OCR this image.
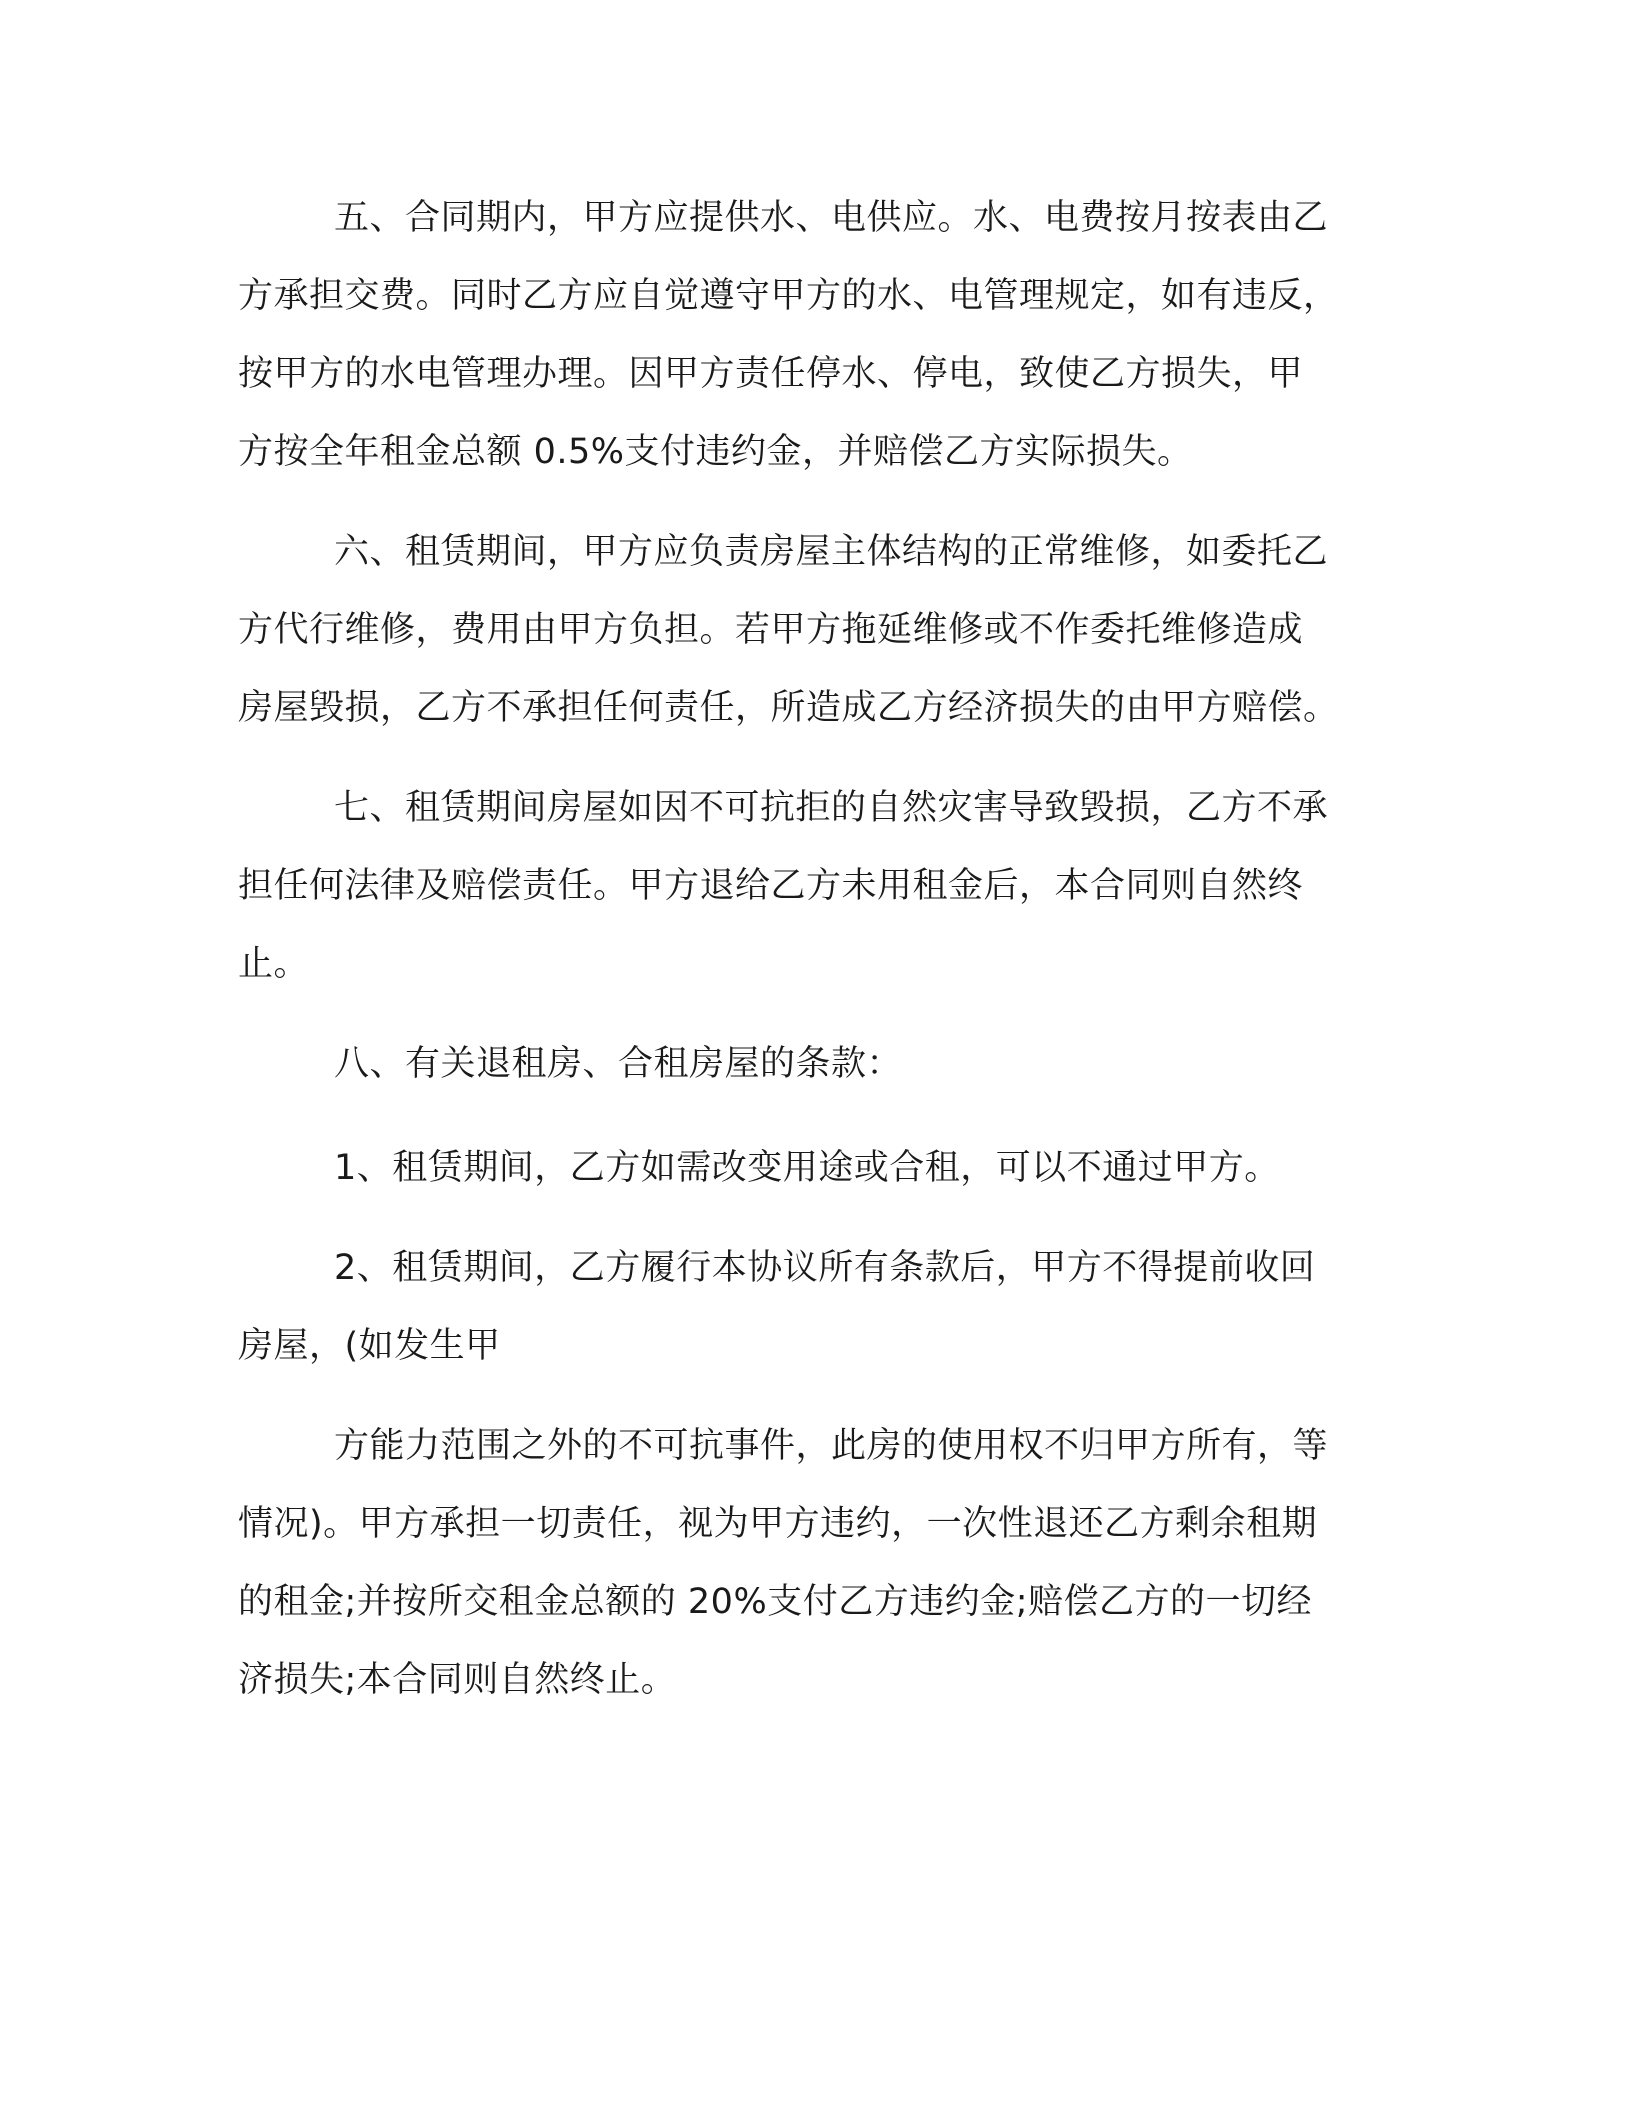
五、合同期内，甲方应提供水、电供应。水、电费按月按表由乙
方承担交费。同时乙方应自觉遵守甲方的水、电管理规定，如有违反，
按甲方的水电管理办理。因甲方责任停水、停电，致使乙方损失，甲
方按全年租金总额 0.5%支付违约金，并赔偿乙方实际损失。
六、租赁期间，甲方应负责房屋主体结构的正常维修，如委托乙
方代行维修，费用由甲方负担。若甲方拖延维修或不作委托维修造成
房屋毁损，乙方不承担任何责任，所造成乙方经济损失的由甲方赔偿。
七、租赁期间房屋如因不可抗拒的自然灾害导致毁损，乙方不承
担任何法律及赔偿责任。甲方退给乙方未用租金后，本合同则自然终
止。
八、有关退租房、合租房屋的条款：
1、租赁期间，乙方如需改变用途或合租，可以不通过甲方。
2、租赁期间，乙方履行本协议所有条款后，甲方不得提前收回
房屋，(如发生甲
方能力范围之外的不可抗事件，此房的使用权不归甲方所有，等
情况)。甲方承担一切责任，视为甲方违约，一次性退还乙方剩余租期
的租金;并按所交租金总额的 20%支付乙方违约金;赔偿乙方的一切经
济损失;本合同则自然终止。
